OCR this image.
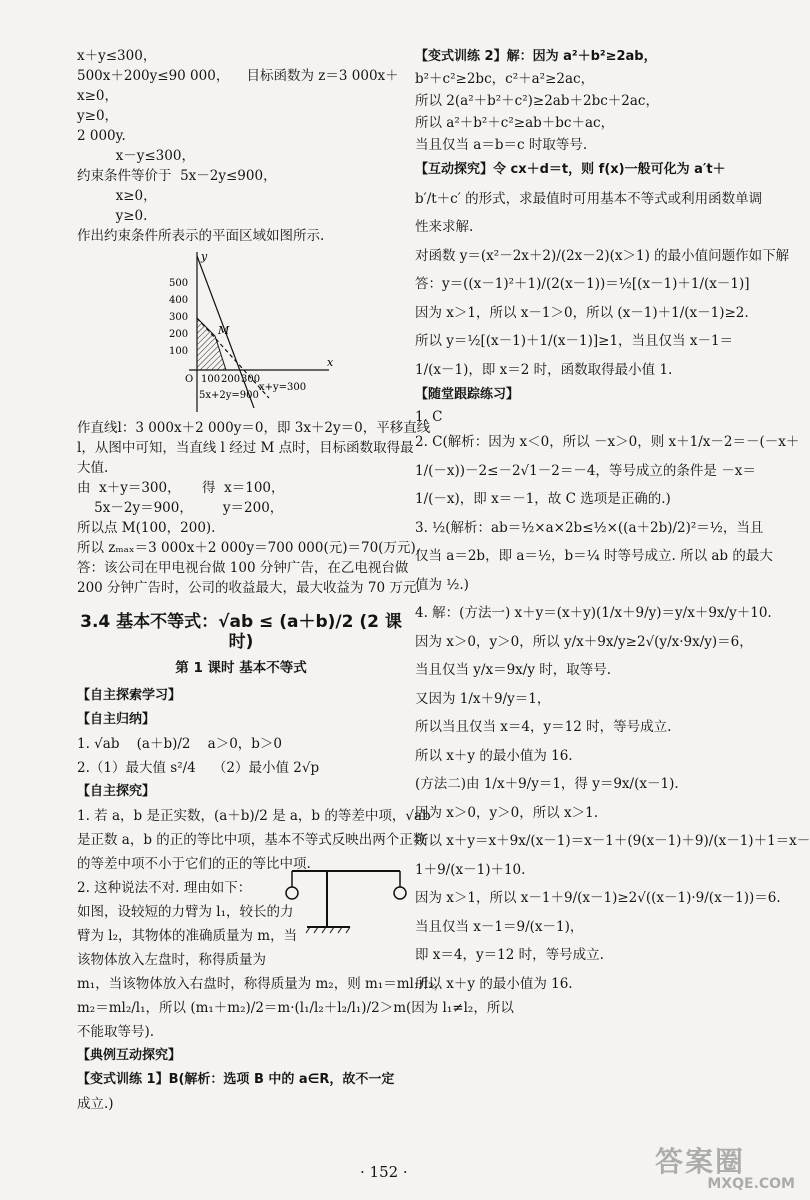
x＋y≤300，
500x＋200y≤90 000，    目标函数为 z＝3 000x＋
x≥0，
y≥0，
2 000y.
x－y≤300，
约束条件等价于  5x－2y≤900，
x≥0，
y≥0.
作出约束条件所表示的平面区域如图所示.
500
400
300
200
100
O 100 200 300
x
y
M
5x+2y=900
x+y=300
作直线l：3 000x＋2 000y＝0，即 3x＋2y＝0，平移直线
l，从图中可知，当直线 l 经过 M 点时，目标函数取得最
大值.
由  x＋y＝300，     得  x＝100，
5x－2y＝900，       y＝200，
所以点 M(100，200).
所以 zₘₐₓ＝3 000x＋2 000y＝700 000(元)＝70(万元).
答：该公司在甲电视台做 100 分钟广告，在乙电视台做
200 分钟广告时，公司的收益最大，最大收益为 70 万元.
3.4 基本不等式：√ab ≤ (a＋b)/2 (2 课时)
第 1 课时 基本不等式
【自主探索学习】
【自主归纳】
1. √ab    (a＋b)/2    a＞0，b＞0
2.（1）最大值 s²/4    （2）最小值 2√p
【自主探究】
1. 若 a，b 是正实数，(a＋b)/2 是 a，b 的等差中项，√ab
是正数 a，b 的正的等比中项，基本不等式反映出两个正数
的等差中项不小于它们的正的等比中项.
2. 这种说法不对. 理由如下：
如图，设较短的力臂为 l₁，较长的力
臂为 l₂，其物体的准确质量为 m，当
该物体放入左盘时，称得质量为
m₁，当该物体放入右盘时，称得质量为 m₂，则 m₁＝ml₁/l₂，
m₂＝ml₂/l₁，所以 (m₁＋m₂)/2＝m·(l₁/l₂＋l₂/l₁)/2＞m(因为 l₁≠l₂，所以
不能取等号).
【典例互动探究】
【变式训练 1】B(解析：选项 B 中的 a∈R，故不一定
成立.)
【变式训练 2】解：因为 a²＋b²≥2ab，
b²＋c²≥2bc，c²＋a²≥2ac，
所以 2(a²＋b²＋c²)≥2ab＋2bc＋2ac，
所以 a²＋b²＋c²≥ab＋bc＋ac，
当且仅当 a＝b＝c 时取等号.
【互动探究】令 cx＋d＝t，则 f(x)一般可化为 a′t＋
b′/t＋c′ 的形式，求最值时可用基本不等式或利用函数单调
性来求解.
对函数 y＝(x²－2x＋2)/(2x－2)(x＞1) 的最小值问题作如下解
答：y＝((x－1)²＋1)/(2(x－1))＝½[(x－1)＋1/(x－1)]
因为 x＞1，所以 x－1＞0，所以 (x－1)＋1/(x－1)≥2.
所以 y＝½[(x－1)＋1/(x－1)]≥1，当且仅当 x－1＝
1/(x－1)，即 x＝2 时，函数取得最小值 1.
【随堂跟踪练习】
1. C
2. C(解析：因为 x＜0，所以 －x＞0，则 x＋1/x－2＝－(－x＋
1/(－x))－2≤－2√1－2＝－4，等号成立的条件是 －x＝
1/(－x)，即 x＝－1，故 C 选项是正确的.)
3. ½(解析：ab＝½×a×2b≤½×((a＋2b)/2)²＝½，当且
仅当 a＝2b，即 a＝½，b＝¼ 时等号成立. 所以 ab 的最大
值为 ½.)
4. 解：(方法一) x＋y＝(x＋y)(1/x＋9/y)＝y/x＋9x/y＋10.
因为 x＞0，y＞0，所以 y/x＋9x/y≥2√(y/x·9x/y)＝6，
当且仅当 y/x＝9x/y 时，取等号.
又因为 1/x＋9/y＝1，
所以当且仅当 x＝4，y＝12 时，等号成立.
所以 x＋y 的最小值为 16.
(方法二)由 1/x＋9/y＝1，得 y＝9x/(x－1).
因为 x＞0，y＞0，所以 x＞1.
所以 x＋y＝x＋9x/(x－1)＝x－1＋(9(x－1)＋9)/(x－1)＋1＝x－
1＋9/(x－1)＋10.
因为 x＞1，所以 x－1＋9/(x－1)≥2√((x－1)·9/(x－1))＝6.
当且仅当 x－1＝9/(x－1)，
即 x＝4，y＝12 时，等号成立.
所以 x＋y 的最小值为 16.
· 152 ·	答案圈
MXQE.COM
